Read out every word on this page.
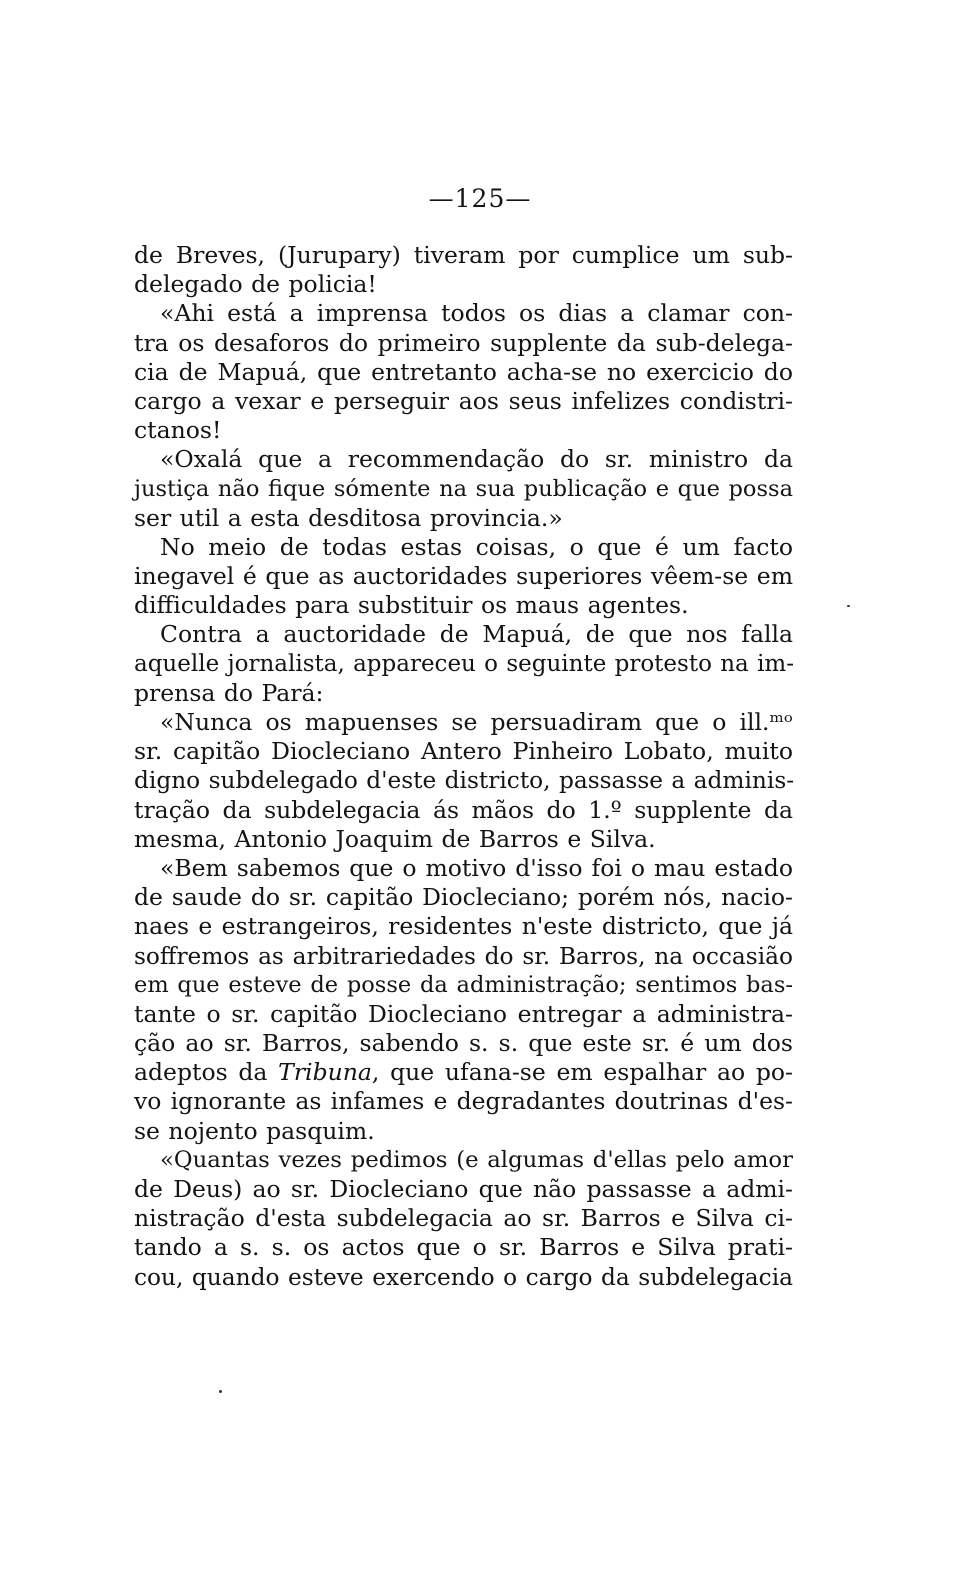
—125—
de Breves, (Jurupary) tiveram por cumplice um sub-
delegado de policia!
«Ahi está a imprensa todos os dias a clamar con-
tra os desaforos do primeiro supplente da sub-delega-
cia de Mapuá, que entretanto acha-se no exercicio do
cargo a vexar e perseguir aos seus infelizes condistri-
ctanos!
«Oxalá que a recommendação do sr. ministro da
justiça não fique sómente na sua publicação e que possa
ser util a esta desditosa provincia.»
No meio de todas estas coisas, o que é um facto
inegavel é que as auctoridades superiores vêem-se em
difficuldades para substituir os maus agentes.
Contra a auctoridade de Mapuá, de que nos falla
aquelle jornalista, appareceu o seguinte protesto na im-
prensa do Pará:
«Nunca os mapuenses se persuadiram que o ill.ᵐᵒ
sr. capitão Diocleciano Antero Pinheiro Lobato, muito
digno subdelegado d'este districto, passasse a adminis-
tração da subdelegacia ás mãos do 1.º supplente da
mesma, Antonio Joaquim de Barros e Silva.
«Bem sabemos que o motivo d'isso foi o mau estado
de saude do sr. capitão Diocleciano; porém nós, nacio-
naes e estrangeiros, residentes n'este districto, que já
soffremos as arbitrariedades do sr. Barros, na occasião
em que esteve de posse da administração; sentimos bas-
tante o sr. capitão Diocleciano entregar a administra-
ção ao sr. Barros, sabendo s. s. que este sr. é um dos
adeptos da Tribuna, que ufana-se em espalhar ao po-
vo ignorante as infames e degradantes doutrinas d'es-
se nojento pasquim.
«Quantas vezes pedimos (e algumas d'ellas pelo amor
de Deus) ao sr. Diocleciano que não passasse a admi-
nistração d'esta subdelegacia ao sr. Barros e Silva ci-
tando a s. s. os actos que o sr. Barros e Silva prati-
cou, quando esteve exercendo o cargo da subdelegacia
